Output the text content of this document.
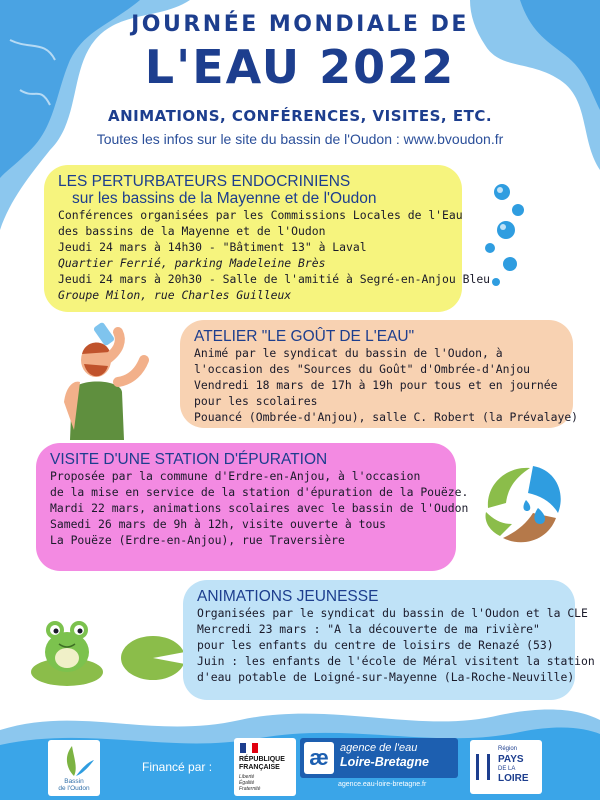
JOURNÉE MONDIALE DE
L'EAU 2022
ANIMATIONS, CONFÉRENCES, VISITES, ETC.
Toutes les infos sur le site du bassin de l'Oudon : www.bvoudon.fr
LES PERTURBATEURS ENDOCRINIENS
sur les bassins de la Mayenne et de l'Oudon
Conférences organisées par les Commissions Locales de l'Eau
des bassins de la Mayenne et de l'Oudon
Jeudi 24 mars à 14h30 - "Bâtiment 13" à Laval
Quartier Ferrié, parking Madeleine Brès
Jeudi 24 mars à 20h30 - Salle de l'amitié à Segré-en-Anjou Bleu
Groupe Milon, rue Charles Guilleux
ATELIER "LE GOÛT DE L'EAU"
Animé par le syndicat du bassin de l'Oudon, à
l'occasion des "Sources du Goût" d'Ombrée-d'Anjou
Vendredi 18 mars de 17h à 19h pour tous et en journée
pour les scolaires
Pouancé (Ombrée-d'Anjou), salle C. Robert (la Prévalaye)
VISITE D'UNE STATION D'ÉPURATION
Proposée par la commune d'Erdre-en-Anjou, à l'occasion
de la mise en service de la station d'épuration de la Pouëze.
Mardi 22 mars, animations scolaires avec le bassin de l'Oudon
Samedi 26 mars de 9h à 12h, visite ouverte à tous
La Pouëze (Erdre-en-Anjou), rue Traversière
ANIMATIONS JEUNESSE
Organisées par le syndicat du bassin de l'Oudon et la CLE
Mercredi 23 mars : "A la découverte de ma rivière"
pour les enfants du centre de loisirs de Renazé (53)
Juin : les enfants de l'école de Méral visitent la station
d'eau potable de Loigné-sur-Mayenne (La-Roche-Neuville)
Bassin
de l'Oudon
Financé par :
RÉPUBLIQUE
FRANÇAISE
Liberté
Égalité
Fraternité
æ	agence de l'eau
Loire-Bretagne
agence.eau-loire-bretagne.fr
Région
PAYS
DE LA
LOIRE
